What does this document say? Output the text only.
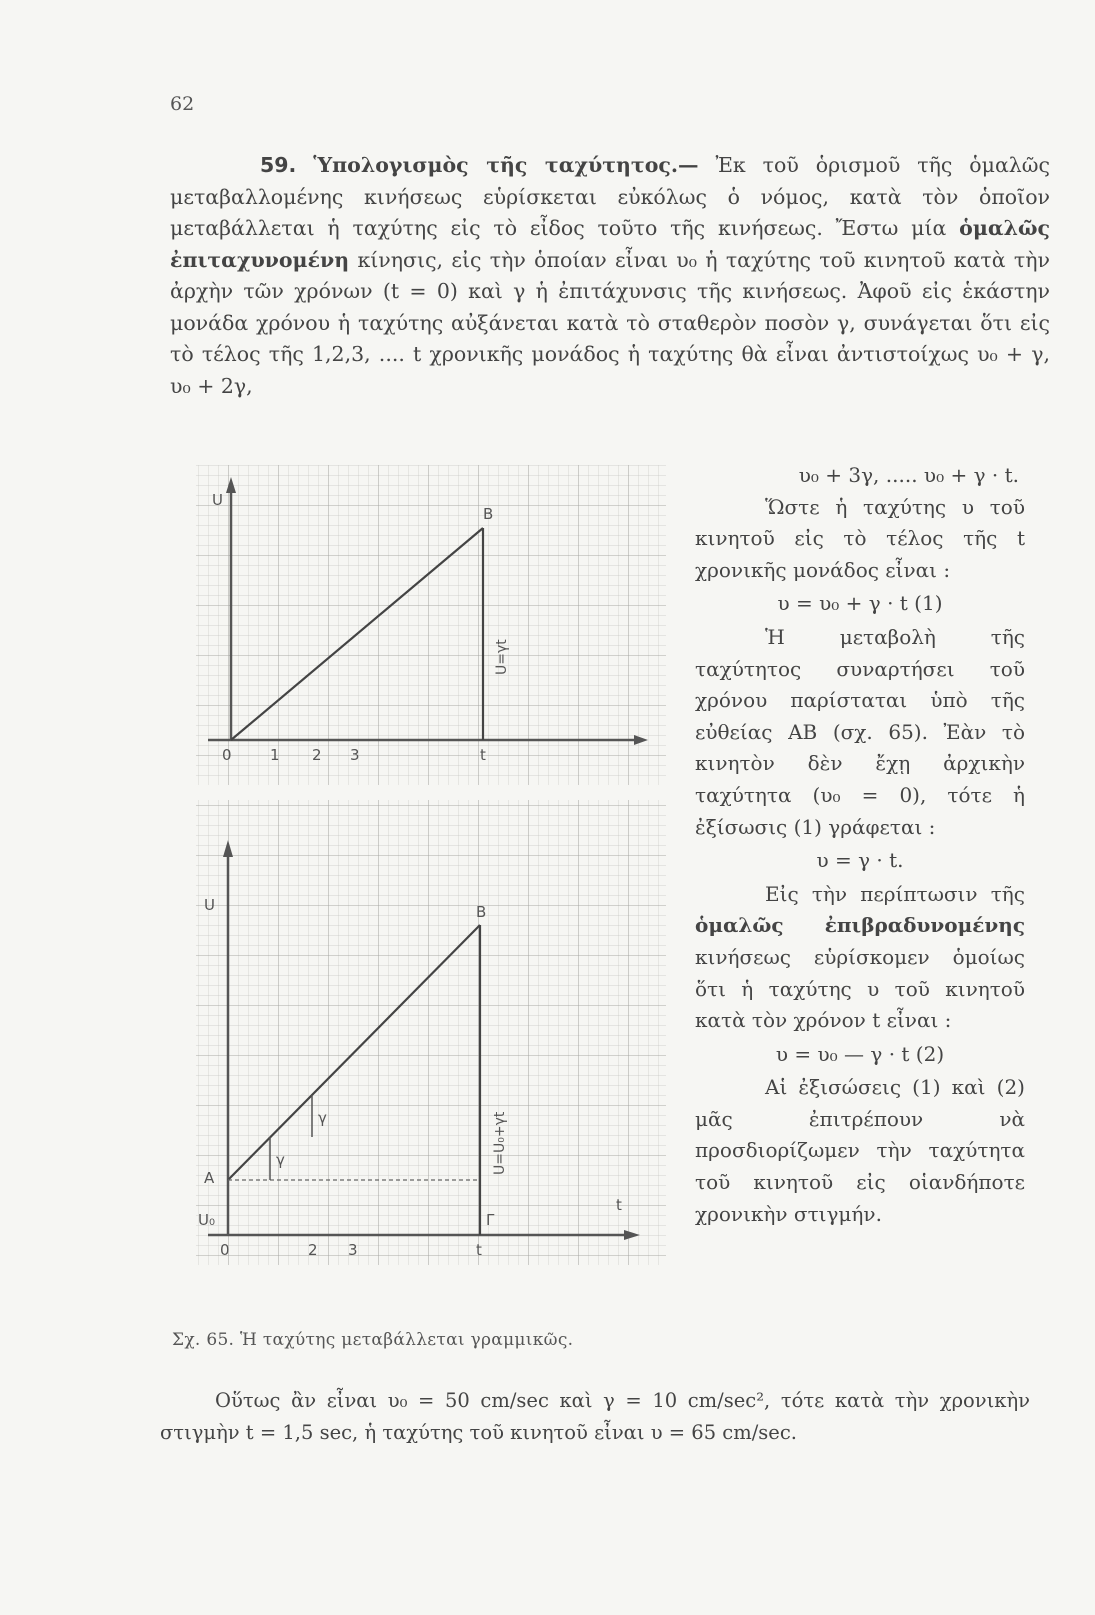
62

59. Ὑπολογισμὸς τῆς ταχύτητος.— Ἐκ τοῦ ὁρισμοῦ τῆς ὁμαλῶς μεταβαλλομένης κινήσεως εὑρίσκεται εὐκόλως ὁ νόμος, κατὰ τὸν ὁποῖον μεταβάλλεται ἡ ταχύτης εἰς τὸ εἶδος τοῦτο τῆς κινήσεως. Ἔστω μία ὁμαλῶς ἐπιταχυνομένη κίνησις, εἰς τὴν ὁποίαν εἶναι υ₀ ἡ ταχύτης τοῦ κινητοῦ κατὰ τὴν ἀρχὴν τῶν χρόνων (t = 0) καὶ γ ἡ ἐπιτάχυνσις τῆς κινήσεως. Ἀφοῦ εἰς ἑκάστην μονάδα χρόνου ἡ ταχύτης αὐξάνεται κατὰ τὸ σταθερὸν ποσὸν γ, συνάγεται ὅτι εἰς τὸ τέλος τῆς 1,2,3, .... t χρονικῆς μονάδος ἡ ταχύτης θὰ εἶναι ἀντιστοίχως υ₀ + γ, υ₀ + 2γ,

U
B
0	1 2 3	t
U=γt
U	B
A
U₀
0	2 3	t
t
Γ
γ
γ	U=U₀+γt

υ₀ + 3γ, ..... υ₀ + γ · t.

Ὥστε ἡ ταχύτης υ τοῦ κινητοῦ εἰς τὸ τέλος τῆς t χρονικῆς μονάδος εἶναι :

υ = υ₀ + γ · t (1)

Ἡ μεταβολὴ τῆς ταχύτητος συναρτήσει τοῦ χρόνου παρίσταται ὑπὸ τῆς εὐθείας AB (σχ. 65). Ἐὰν τὸ κινητὸν δὲν ἔχῃ ἀρχικὴν ταχύτητα (υ₀ = 0), τότε ἡ ἐξίσωσις (1) γράφεται :

υ = γ · t.

Εἰς τὴν περίπτωσιν τῆς ὁμαλῶς ἐπιβραδυνομένης κινήσεως εὑρίσκομεν ὁμοίως ὅτι ἡ ταχύτης υ τοῦ κινητοῦ κατὰ τὸν χρόνον t εἶναι :

υ = υ₀ — γ · t (2)

Αἱ ἐξισώσεις (1) καὶ (2) μᾶς ἐπιτρέπουν νὰ προσδιορίζωμεν τὴν ταχύτητα τοῦ κινητοῦ εἰς οἱανδήποτε χρονικὴν στιγμήν.

Σχ. 65. Ἡ ταχύτης μεταβάλλεται γραμμικῶς.

Οὕτως ἂν εἶναι υ₀ = 50 cm/sec καὶ γ = 10 cm/sec², τότε κατὰ τὴν χρονικὴν στιγμὴν t = 1,5 sec, ἡ ταχύτης τοῦ κινητοῦ εἶναι υ = 65 cm/sec.
